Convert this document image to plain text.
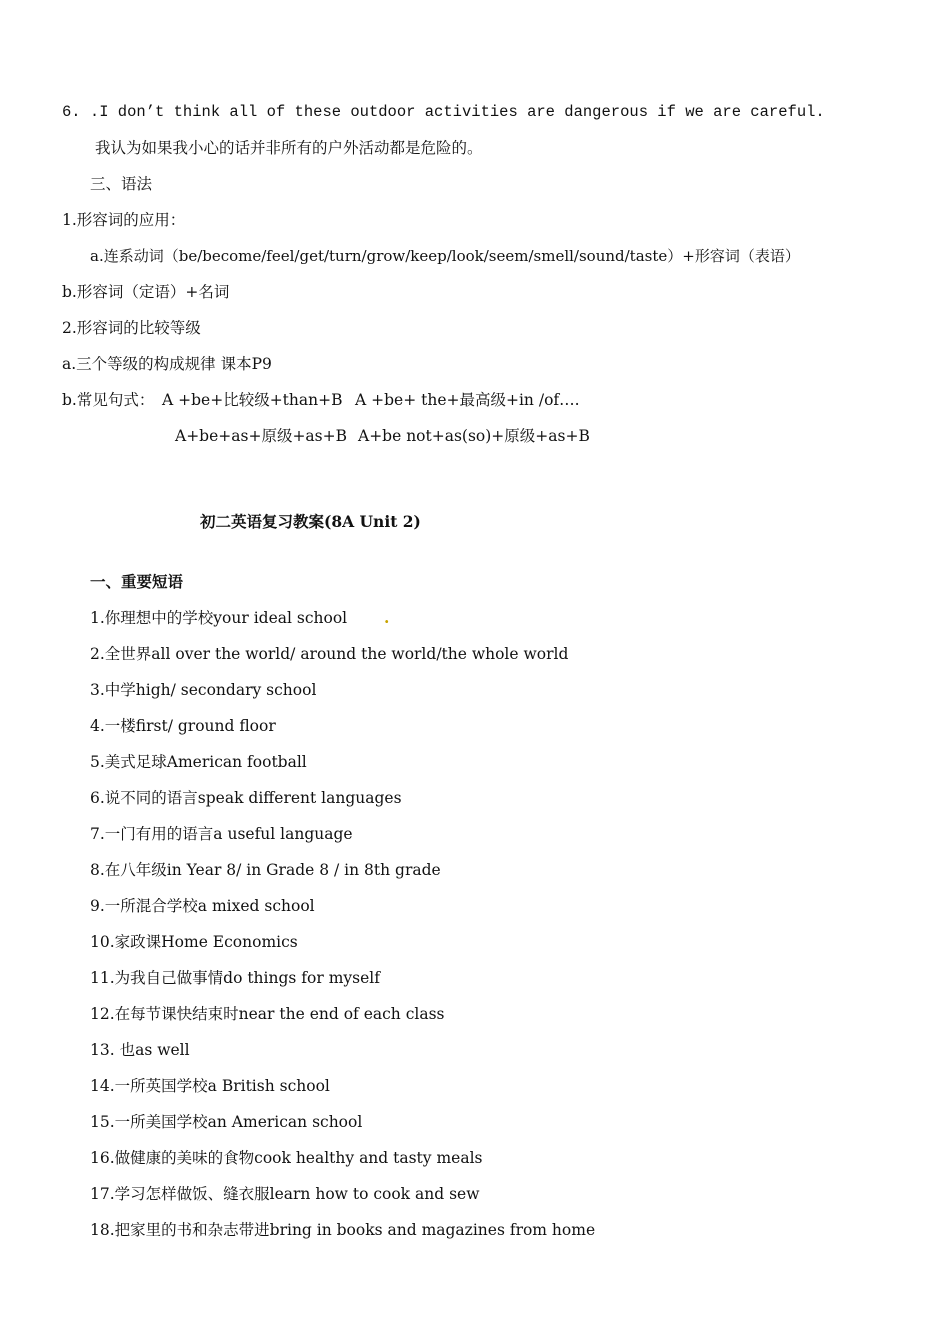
6. .I don’t think all of these outdoor activities are dangerous if we are careful.
我认为如果我小心的话并非所有的户外活动都是危险的。
三、语法
1.形容词的应用：
a.连系动词（be/become/feel/get/turn/grow/keep/look/seem/smell/sound/taste）+形容词（表语）
b.形容词（定语）+名词
2.形容词的比较等级
a.三个等级的构成规律 课本P9
b.常见句式： A +be+比较级+than+B A +be+ the+最高级+in /of….
A+be+as+原级+as+B A+be not+as(so)+原级+as+B
初二英语复习教案(8A Unit 2)
一、重要短语
1.你理想中的学校your ideal school .
2.全世界all over the world/ around the world/the whole world
3.中学high/ secondary school
4.一楼first/ ground floor
5.美式足球American football
6.说不同的语言speak different languages
7.一门有用的语言a useful language
8.在八年级in Year 8/ in Grade 8 / in 8th grade
9.一所混合学校a mixed school
10.家政课Home Economics
11.为我自己做事情do things for myself
12.在每节课快结束时near the end of each class
13. 也as well
14.一所英国学校a British school
15.一所美国学校an American school
16.做健康的美味的食物cook healthy and tasty meals
17.学习怎样做饭、缝衣服learn how to cook and sew
18.把家里的书和杂志带进bring in books and magazines from home
